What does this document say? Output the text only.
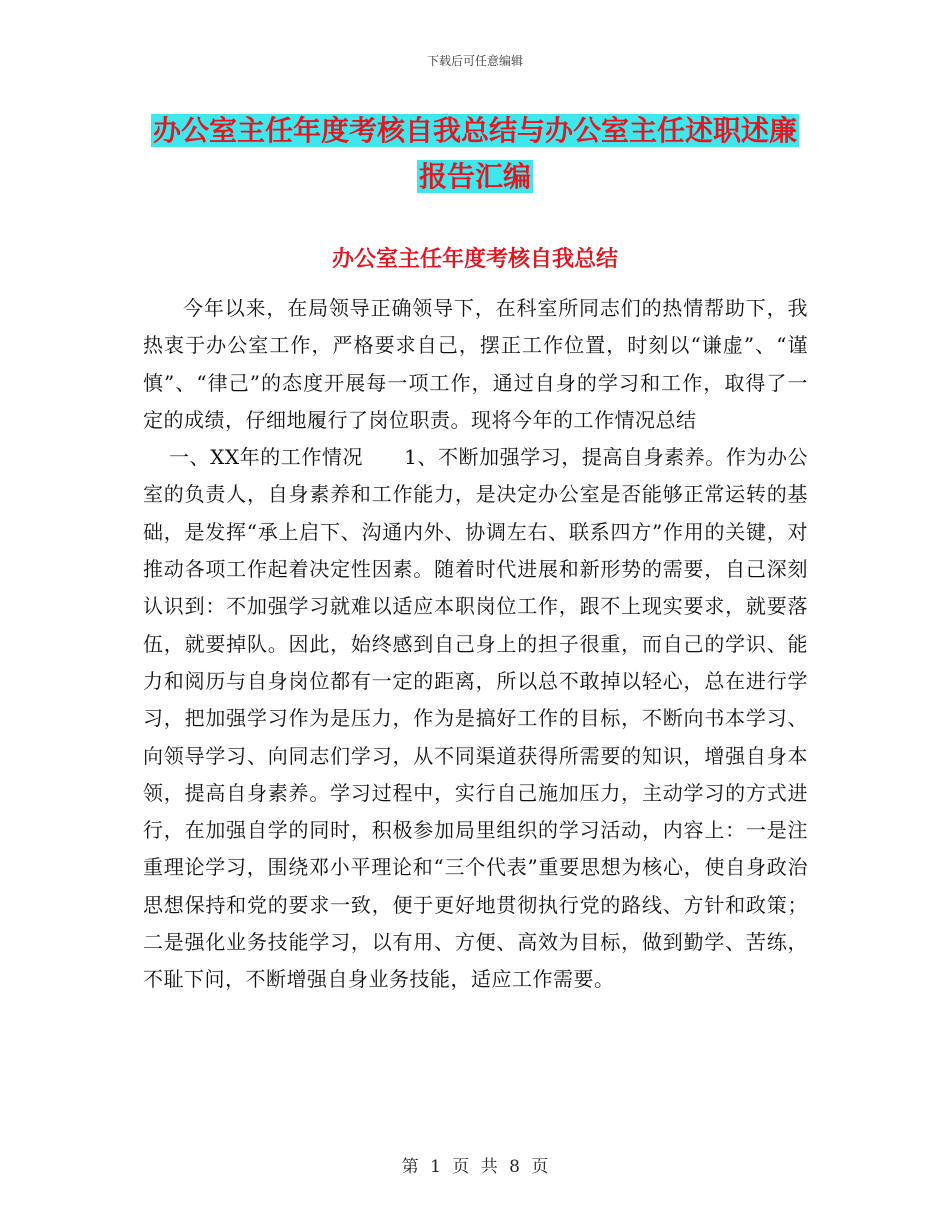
下载后可任意编辑
办公室主任年度考核自我总结与办公室主任述职述廉
报告汇编
办公室主任年度考核自我总结

今年以来，在局领导正确领导下，在科室所同志们的热情帮助下，我热衷于办公室工作，严格要求自己，摆正工作位置，时刻以“谦虚”、“谨慎”、“律己”的态度开展每一项工作，通过自身的学习和工作，取得了一定的成绩，仔细地履行了岗位职责。现将今年的工作情况总结

一、XX年的工作情况　　1、不断加强学习，提高自身素养。作为办公室的负责人，自身素养和工作能力，是决定办公室是否能够正常运转的基础，是发挥“承上启下、沟通内外、协调左右、联系四方”作用的关键，对推动各项工作起着决定性因素。随着时代进展和新形势的需要，自己深刻认识到：不加强学习就难以适应本职岗位工作，跟不上现实要求，就要落伍，就要掉队。因此，始终感到自己身上的担子很重，而自己的学识、能力和阅历与自身岗位都有一定的距离，所以总不敢掉以轻心，总在进行学习，把加强学习作为是压力，作为是搞好工作的目标，不断向书本学习、向领导学习、向同志们学习，从不同渠道获得所需要的知识，增强自身本领，提高自身素养。学习过程中，实行自己施加压力，主动学习的方式进行，在加强自学的同时，积极参加局里组织的学习活动，内容上：一是注重理论学习，围绕邓小平理论和“三个代表”重要思想为核心，使自身政治思想保持和党的要求一致，便于更好地贯彻执行党的路线、方针和政策；二是强化业务技能学习，以有用、方便、高效为目标，做到勤学、苦练，不耻下问，不断增强自身业务技能，适应工作需要。

第 1 页 共 8 页
